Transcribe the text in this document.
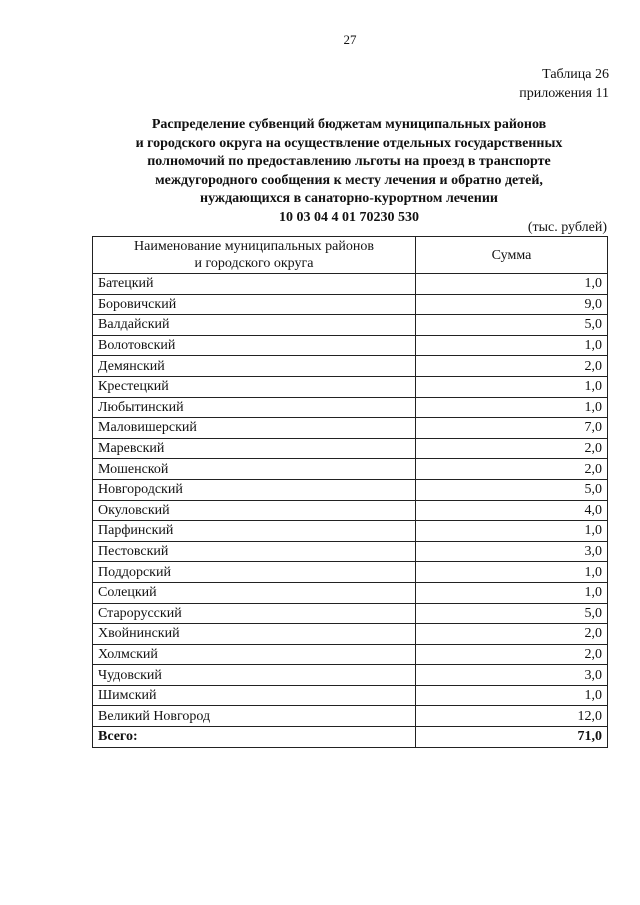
27
Таблица 26
приложения 11
Распределение субвенций бюджетам муниципальных районов
и городского округа на осуществление отдельных государственных
полномочий по предоставлению льготы на проезд в транспорте
междугородного сообщения к месту лечения и обратно детей,
нуждающихся в санаторно-курортном лечении
10 03 04 4 01 70230 530
(тыс. рублей)
Наименование муниципальных районов
и городского округа	Сумма
Батецкий	1,0
Боровичский	9,0
Валдайский	5,0
Волотовский	1,0
Демянский	2,0
Крестецкий	1,0
Любытинский	1,0
Маловишерский	7,0
Маревский	2,0
Мошенской	2,0
Новгородский	5,0
Окуловский	4,0
Парфинский	1,0
Пестовский	3,0
Поддорский	1,0
Солецкий	1,0
Старорусский	5,0
Хвойнинский	2,0
Холмский	2,0
Чудовский	3,0
Шимский	1,0
Великий Новгород	12,0
Всего:	71,0
